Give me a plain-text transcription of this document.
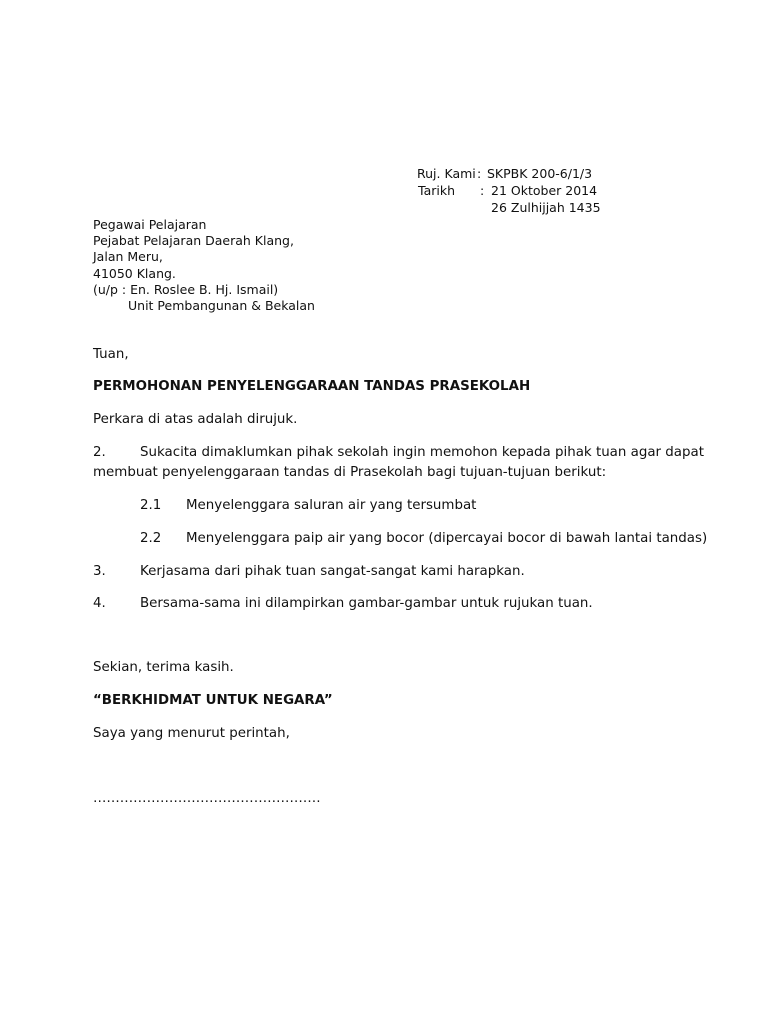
Ruj. Kami : SKPBK 200-6/1/3

Tarikh : 21 Oktober 2014

26 Zulhijjah 1435

Pegawai Pelajaran

Pejabat Pelajaran Daerah Klang,

Jalan Meru,

41050 Klang.

(u/p : En. Roslee B. Hj. Ismail)

Unit Pembangunan & Bekalan

Tuan,

PERMOHONAN PENYELENGGARAAN TANDAS PRASEKOLAH

Perkara di atas adalah dirujuk.

2.	Sukacita dimaklumkan pihak sekolah ingin memohon kepada pihak tuan agar dapat

membuat penyelenggaraan tandas di Prasekolah bagi tujuan-tujuan berikut:

2.1 Menyelenggara saluran air yang tersumbat

2.2 Menyelenggara paip air yang bocor (dipercayai bocor di bawah lantai tandas)

3.	Kerjasama dari pihak tuan sangat-sangat kami harapkan.

4.	Bersama-sama ini dilampirkan gambar-gambar untuk rujukan tuan.

Sekian, terima kasih.

“BERKHIDMAT UNTUK NEGARA”

Saya yang menurut perintah,

……………………………………………
